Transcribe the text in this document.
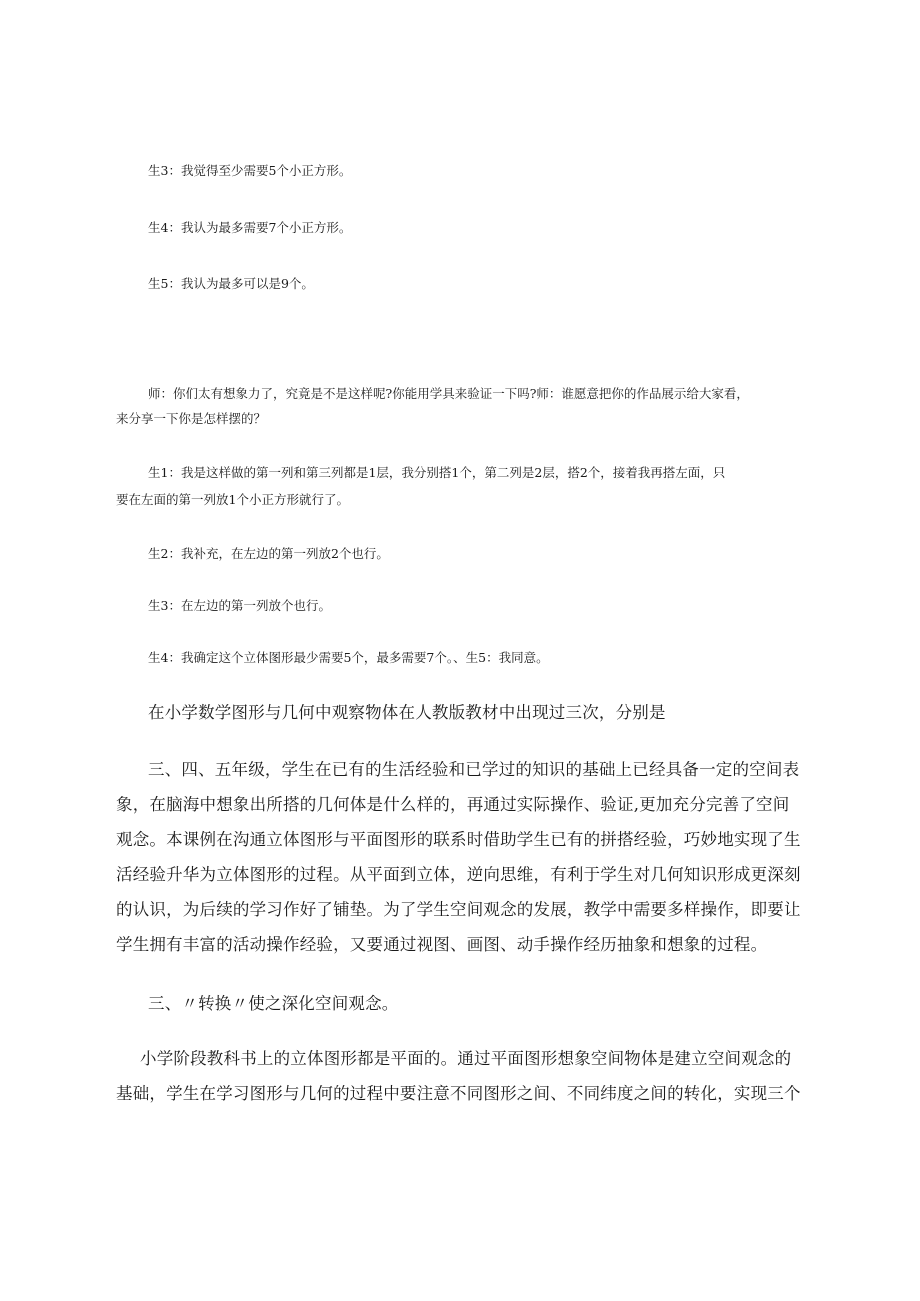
生3：我觉得至少需要5个小正方形。
生4：我认为最多需要7个小正方形。
生5：我认为最多可以是9个。
师：你们太有想象力了，究竟是不是这样呢?你能用学具来验证一下吗?师：谁愿意把你的作品展示给大家看，
来分享一下你是怎样摆的？
生1：我是这样做的第一列和第三列都是1层，我分别搭1个，第二列是2层，搭2个，接着我再搭左面，只
要在左面的第一列放1个小正方形就行了。
生2：我补充，在左边的第一列放2个也行。
生3：在左边的第一列放个也行。
生4：我确定这个立体图形最少需要5个，最多需要7个。、生5：我同意。
在小学数学图形与几何中观察物体在人教版教材中出现过三次，分别是
三、四、五年级，学生在已有的生活经验和已学过的知识的基础上已经具备一定的空间表
象，在脑海中想象出所搭的几何体是什么样的，再通过实际操作、验证,更加充分完善了空间
观念。本课例在沟通立体图形与平面图形的联系时借助学生已有的拼搭经验，巧妙地实现了生
活经验升华为立体图形的过程。从平面到立体，逆向思维，有利于学生对几何知识形成更深刻
的认识，为后续的学习作好了铺垫。为了学生空间观念的发展，教学中需要多样操作，即要让
学生拥有丰富的活动操作经验，又要通过视图、画图、动手操作经历抽象和想象的过程。
三、〃转换〃使之深化空间观念。
小学阶段教科书上的立体图形都是平面的。通过平面图形想象空间物体是建立空间观念的
基础，学生在学习图形与几何的过程中要注意不同图形之间、不同纬度之间的转化，实现三个
